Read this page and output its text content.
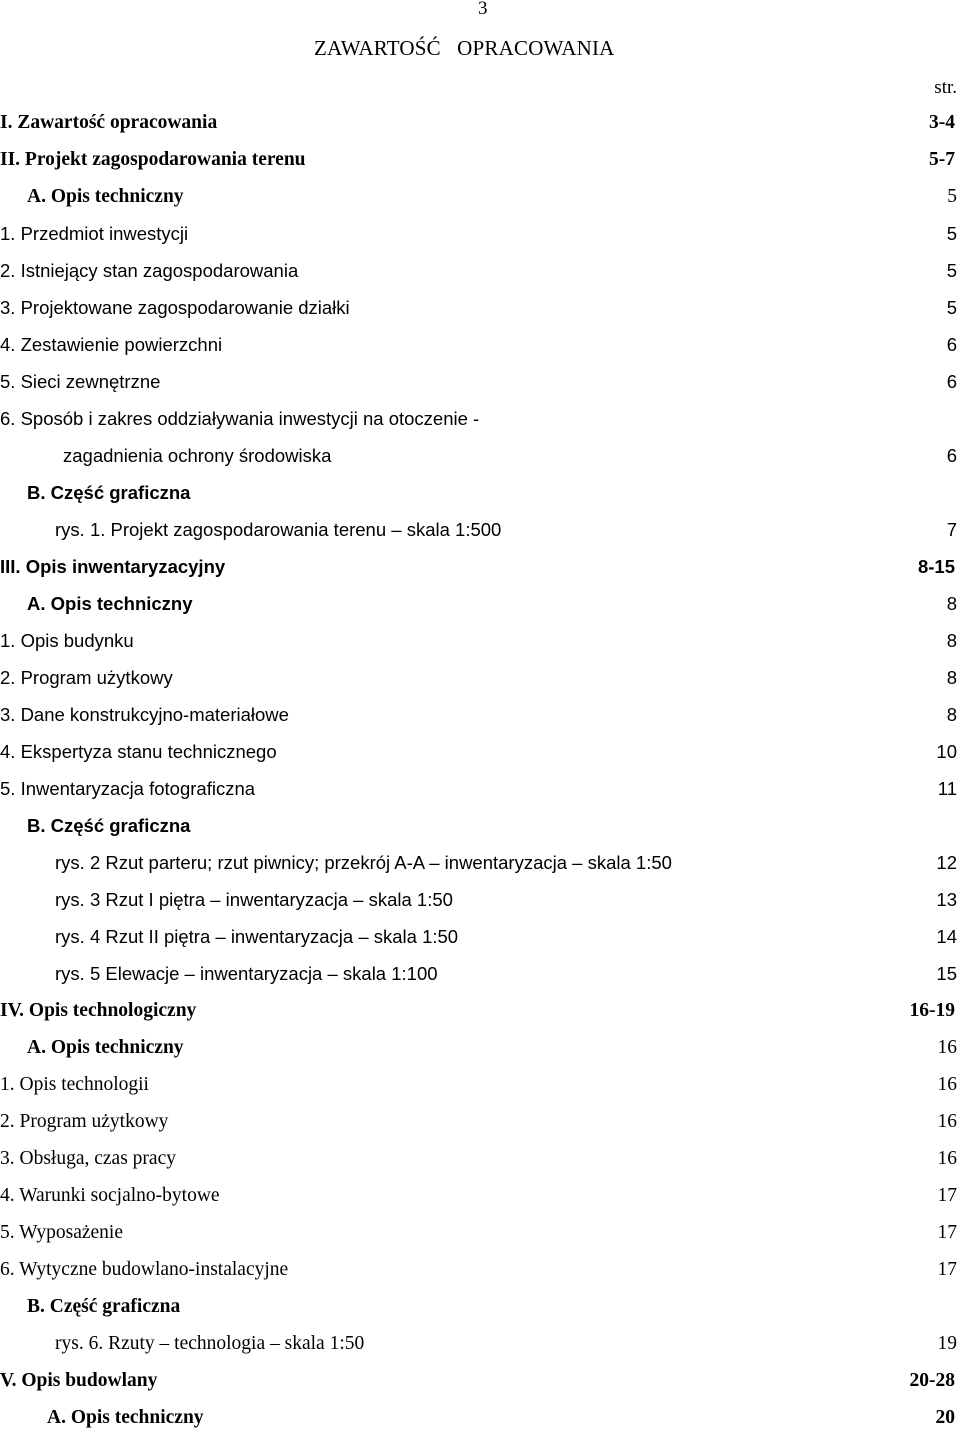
3
ZAWARTOŚĆ   OPRACOWANIA
str.
I. Zawartość opracowania	3-4
II. Projekt zagospodarowania terenu	5-7
A. Opis techniczny	5
1. Przedmiot inwestycji	5
2. Istniejący stan zagospodarowania	5
3. Projektowane zagospodarowanie działki	5
4. Zestawienie powierzchni	6
5. Sieci zewnętrzne	6
6. Sposób i zakres oddziaływania inwestycji na otoczenie -
zagadnienia ochrony środowiska	6
B. Część graficzna
rys. 1. Projekt zagospodarowania terenu – skala 1:500	7
III. Opis inwentaryzacyjny	8-15
A. Opis techniczny	8
1. Opis budynku	8
2. Program użytkowy	8
3. Dane konstrukcyjno-materiałowe	8
4. Ekspertyza stanu technicznego	10
5. Inwentaryzacja fotograficzna	11
B. Część graficzna
rys. 2 Rzut parteru; rzut piwnicy; przekrój A-A – inwentaryzacja – skala 1:50	12
rys. 3 Rzut I piętra – inwentaryzacja – skala 1:50	13
rys. 4 Rzut II piętra – inwentaryzacja – skala 1:50	14
rys. 5 Elewacje – inwentaryzacja – skala 1:100	15
IV. Opis technologiczny	16-19
A. Opis techniczny	16
1. Opis technologii	16
2. Program użytkowy	16
3. Obsługa, czas pracy	16
4. Warunki socjalno-bytowe	17
5. Wyposażenie	17
6. Wytyczne budowlano-instalacyjne	17
B. Część graficzna
rys. 6. Rzuty – technologia – skala 1:50	19
V. Opis budowlany	20-28
A. Opis techniczny	20
